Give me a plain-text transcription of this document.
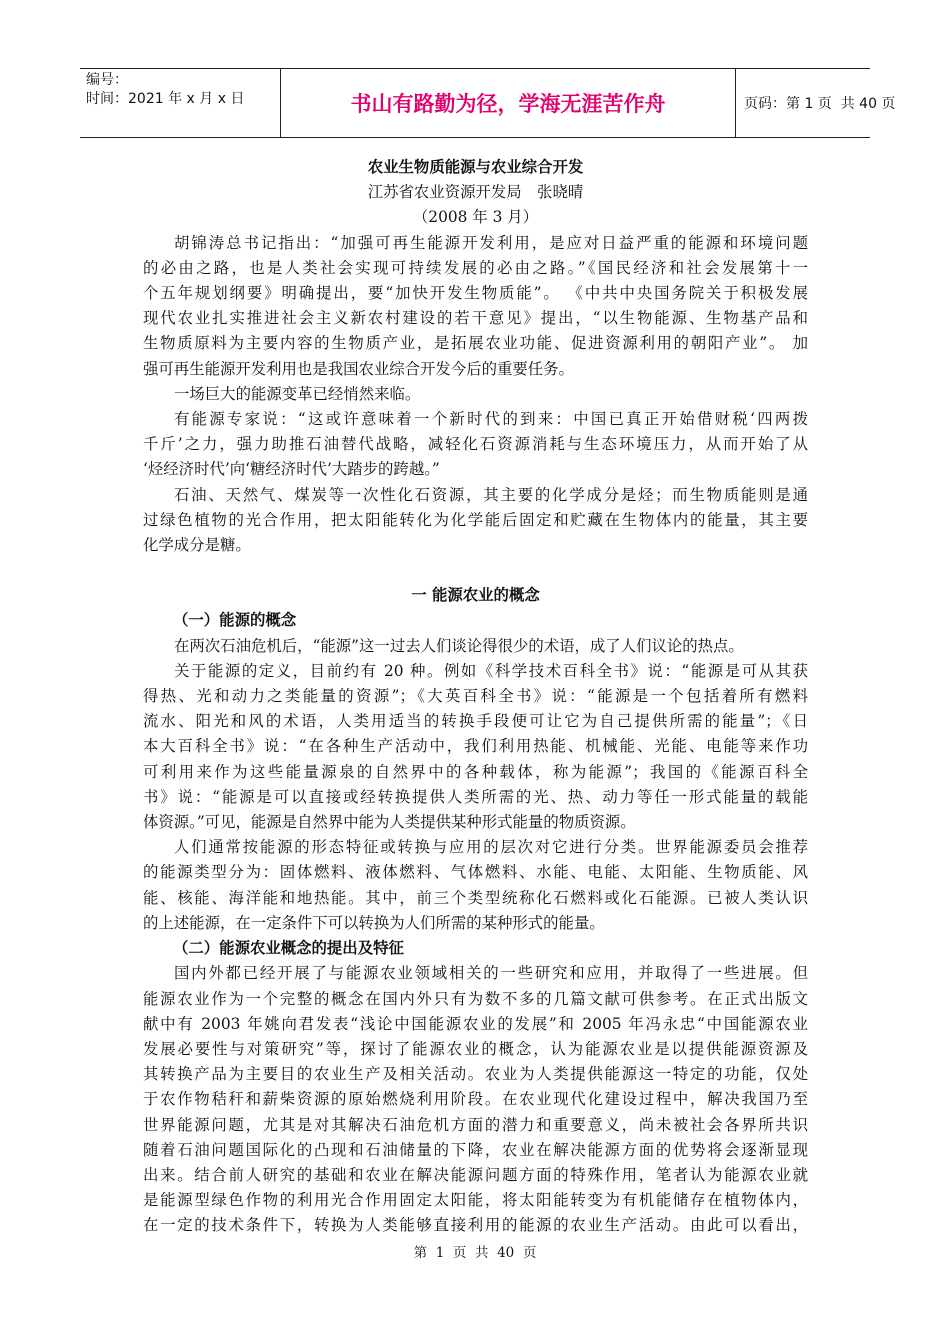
编号：
时间：2021 年 x 月 x 日	书山有路勤为径，学海无涯苦作舟	页码：第 1 页  共 40 页
农业生物质能源与农业综合开发
江苏省农业资源开发局　张晓晴
（2008 年 3 月）
胡锦涛总书记指出：“加强可再生能源开发利用，是应对日益严重的能源和环境问题
的必由之路，也是人类社会实现可持续发展的必由之路。”《国民经济和社会发展第十一
个五年规划纲要》明确提出，要“加快开发生物质能”。 《中共中央国务院关于积极发展
现代农业扎实推进社会主义新农村建设的若干意见》提出，“以生物能源、生物基产品和
生物质原料为主要内容的生物质产业，是拓展农业功能、促进资源利用的朝阳产业”。 加
强可再生能源开发利用也是我国农业综合开发今后的重要任务。
一场巨大的能源变革已经悄然来临。
有能源专家说：“这或许意味着一个新时代的到来：中国已真正开始借财税‘四两拨
千斤’之力，强力助推石油替代战略，减轻化石资源消耗与生态环境压力，从而开始了从
‘烃经济时代’向‘糖经济时代’大踏步的跨越。”
石油、天然气、煤炭等一次性化石资源，其主要的化学成分是烃；而生物质能则是通
过绿色植物的光合作用，把太阳能转化为化学能后固定和贮藏在生物体内的能量，其主要
化学成分是糖。
一 能源农业的概念
（一）能源的概念
在两次石油危机后，“能源”这一过去人们谈论得很少的术语，成了人们议论的热点。
关于能源的定义，目前约有 20 种。例如《科学技术百科全书》说：“能源是可从其获
得热、光和动力之类能量的资源”；《大英百科全书》说：“能源是一个包括着所有燃料
流水、阳光和风的术语，人类用适当的转换手段便可让它为自己提供所需的能量”；《日
本大百科全书》说：“在各种生产活动中，我们利用热能、机械能、光能、电能等来作功
可利用来作为这些能量源泉的自然界中的各种载体，称为能源”；我国的《能源百科全
书》说：“能源是可以直接或经转换提供人类所需的光、热、动力等任一形式能量的载能
体资源。”可见，能源是自然界中能为人类提供某种形式能量的物质资源。
人们通常按能源的形态特征或转换与应用的层次对它进行分类。世界能源委员会推荐
的能源类型分为：固体燃料、液体燃料、气体燃料、水能、电能、太阳能、生物质能、风
能、核能、海洋能和地热能。其中，前三个类型统称化石燃料或化石能源。已被人类认识
的上述能源，在一定条件下可以转换为人们所需的某种形式的能量。
（二）能源农业概念的提出及特征
国内外都已经开展了与能源农业领域相关的一些研究和应用，并取得了一些进展。但
能源农业作为一个完整的概念在国内外只有为数不多的几篇文献可供参考。在正式出版文
献中有 2003 年姚向君发表“浅论中国能源农业的发展”和 2005 年冯永忠“中国能源农业
发展必要性与对策研究”等，探讨了能源农业的概念，认为能源农业是以提供能源资源及
其转换产品为主要目的农业生产及相关活动。农业为人类提供能源这一特定的功能，仅处
于农作物秸秆和薪柴资源的原始燃烧利用阶段。在农业现代化建设过程中，解决我国乃至
世界能源问题，尤其是对其解决石油危机方面的潜力和重要意义，尚未被社会各界所共识
随着石油问题国际化的凸现和石油储量的下降，农业在解决能源方面的优势将会逐渐显现
出来。结合前人研究的基础和农业在解决能源问题方面的特殊作用，笔者认为能源农业就
是能源型绿色作物的利用光合作用固定太阳能，将太阳能转变为有机能储存在植物体内，
在一定的技术条件下，转换为人类能够直接利用的能源的农业生产活动。由此可以看出，
第  1  页  共  40  页
